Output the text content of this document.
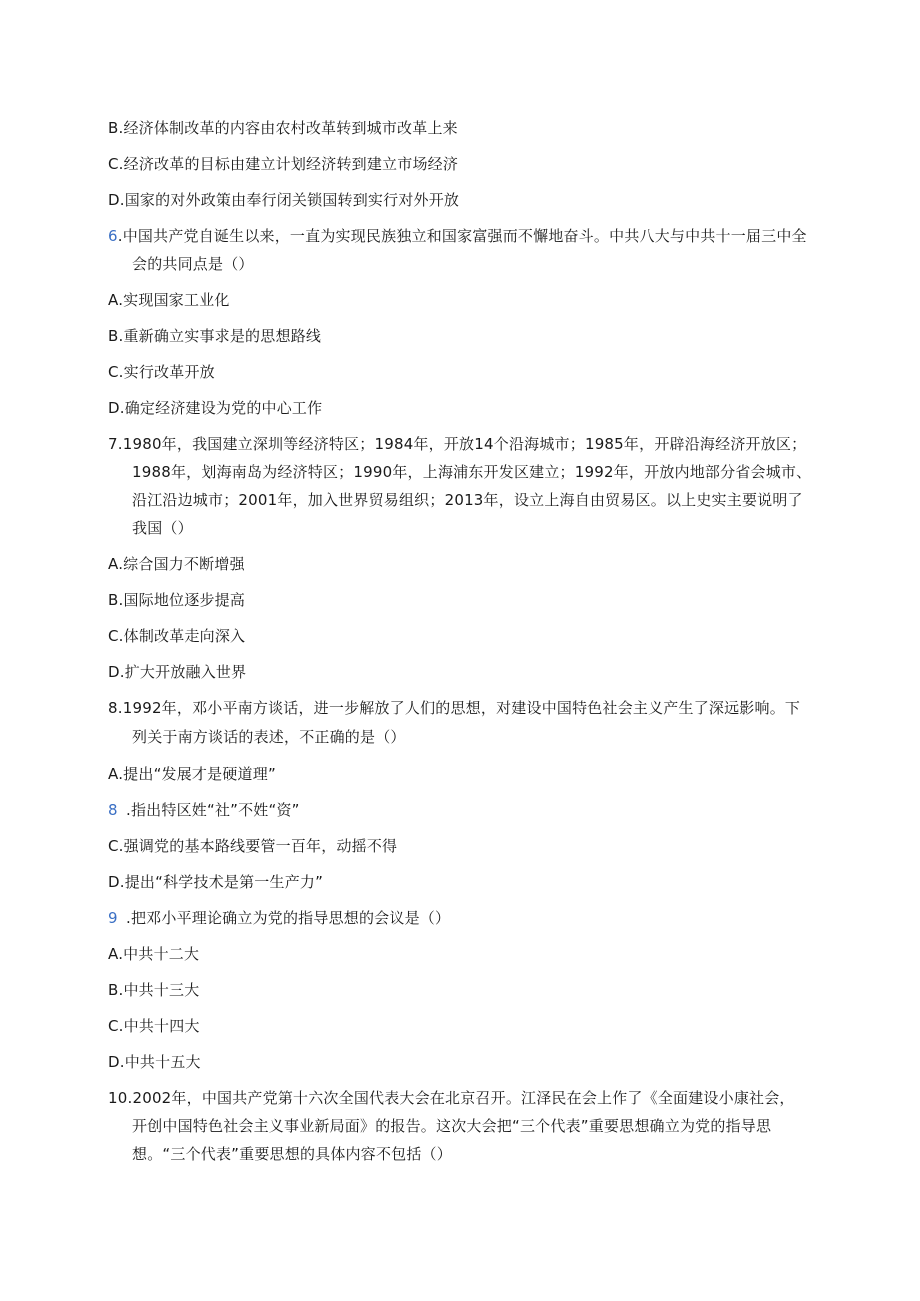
B.经济体制改革的内容由农村改革转到城市改革上来
C.经济改革的目标由建立计划经济转到建立市场经济
D.国家的对外政策由奉行闭关锁国转到实行对外开放
6.中国共产党自诞生以来，一直为实现民族独立和国家富强而不懈地奋斗。中共八大与中共十一届三中全
会的共同点是（）
A.实现国家工业化
B.重新确立实事求是的思想路线
C.实行改革开放
D.确定经济建设为党的中心工作
7.1980年，我国建立深圳等经济特区；1984年，开放14个沿海城市；1985年，开辟沿海经济开放区；
1988年，划海南岛为经济特区；1990年，上海浦东开发区建立；1992年，开放内地部分省会城市、
沿江沿边城市；2001年，加入世界贸易组织；2013年，设立上海自由贸易区。以上史实主要说明了
我国（）
A.综合国力不断增强
B.国际地位逐步提高
C.体制改革走向深入
D.扩大开放融入世界
8.1992年，邓小平南方谈话，进一步解放了人们的思想，对建设中国特色社会主义产生了深远影响。下
列关于南方谈话的表述，不正确的是（）
A.提出“发展才是硬道理”
8 .指出特区姓“社”不姓“资”
C.强调党的基本路线要管一百年，动摇不得
D.提出“科学技术是第一生产力”
9 .把邓小平理论确立为党的指导思想的会议是（）
A.中共十二大
B.中共十三大
C.中共十四大
D.中共十五大
10.2002年，中国共产党第十六次全国代表大会在北京召开。江泽民在会上作了《全面建设小康社会，
开创中国特色社会主义事业新局面》的报告。这次大会把“三个代表”重要思想确立为党的指导思
想。“三个代表”重要思想的具体内容不包括（）
